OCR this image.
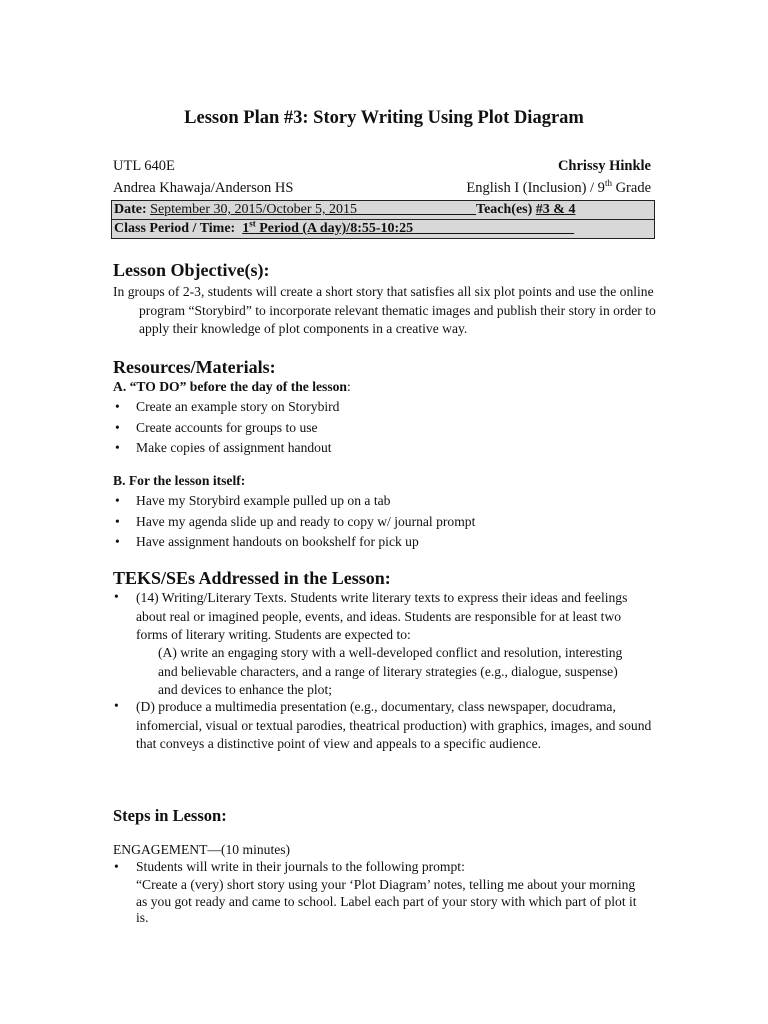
Lesson Plan #3: Story Writing Using Plot Diagram
UTL 640E	Chrissy Hinkle
Andrea Khawaja/Anderson HS	English I (Inclusion) / 9th Grade
Date: September 30, 2015/October 5, 2015	Teach(es) #3 & 4
Class Period / Time: 1st Period (A day)/8:55-10:25
Lesson Objective(s):
In groups of 2-3, students will create a short story that satisfies all six plot points and use the online program “Storybird” to incorporate relevant thematic images and publish their story in order to apply their knowledge of plot components in a creative way.
Resources/Materials:
A. “TO DO” before the day of the lesson:
• Create an example story on Storybird
• Create accounts for groups to use
• Make copies of assignment handout
B. For the lesson itself:
• Have my Storybird example pulled up on a tab
• Have my agenda slide up and ready to copy w/ journal prompt
• Have assignment handouts on bookshelf for pick up
TEKS/SEs Addressed in the Lesson:
• (14) Writing/Literary Texts. Students write literary texts to express their ideas and feelings about real or imagined people, events, and ideas. Students are responsible for at least two forms of literary writing. Students are expected to:
(A) write an engaging story with a well-developed conflict and resolution, interesting and believable characters, and a range of literary strategies (e.g., dialogue, suspense) and devices to enhance the plot;
• (D) produce a multimedia presentation (e.g., documentary, class newspaper, docudrama, infomercial, visual or textual parodies, theatrical production) with graphics, images, and sound that conveys a distinctive point of view and appeals to a specific audience.
Steps in Lesson:
ENGAGEMENT—(10 minutes)
• Students will write in their journals to the following prompt:
“Create a (very) short story using your ‘Plot Diagram’ notes, telling me about your morning as you got ready and came to school. Label each part of your story with which part of plot it is.
